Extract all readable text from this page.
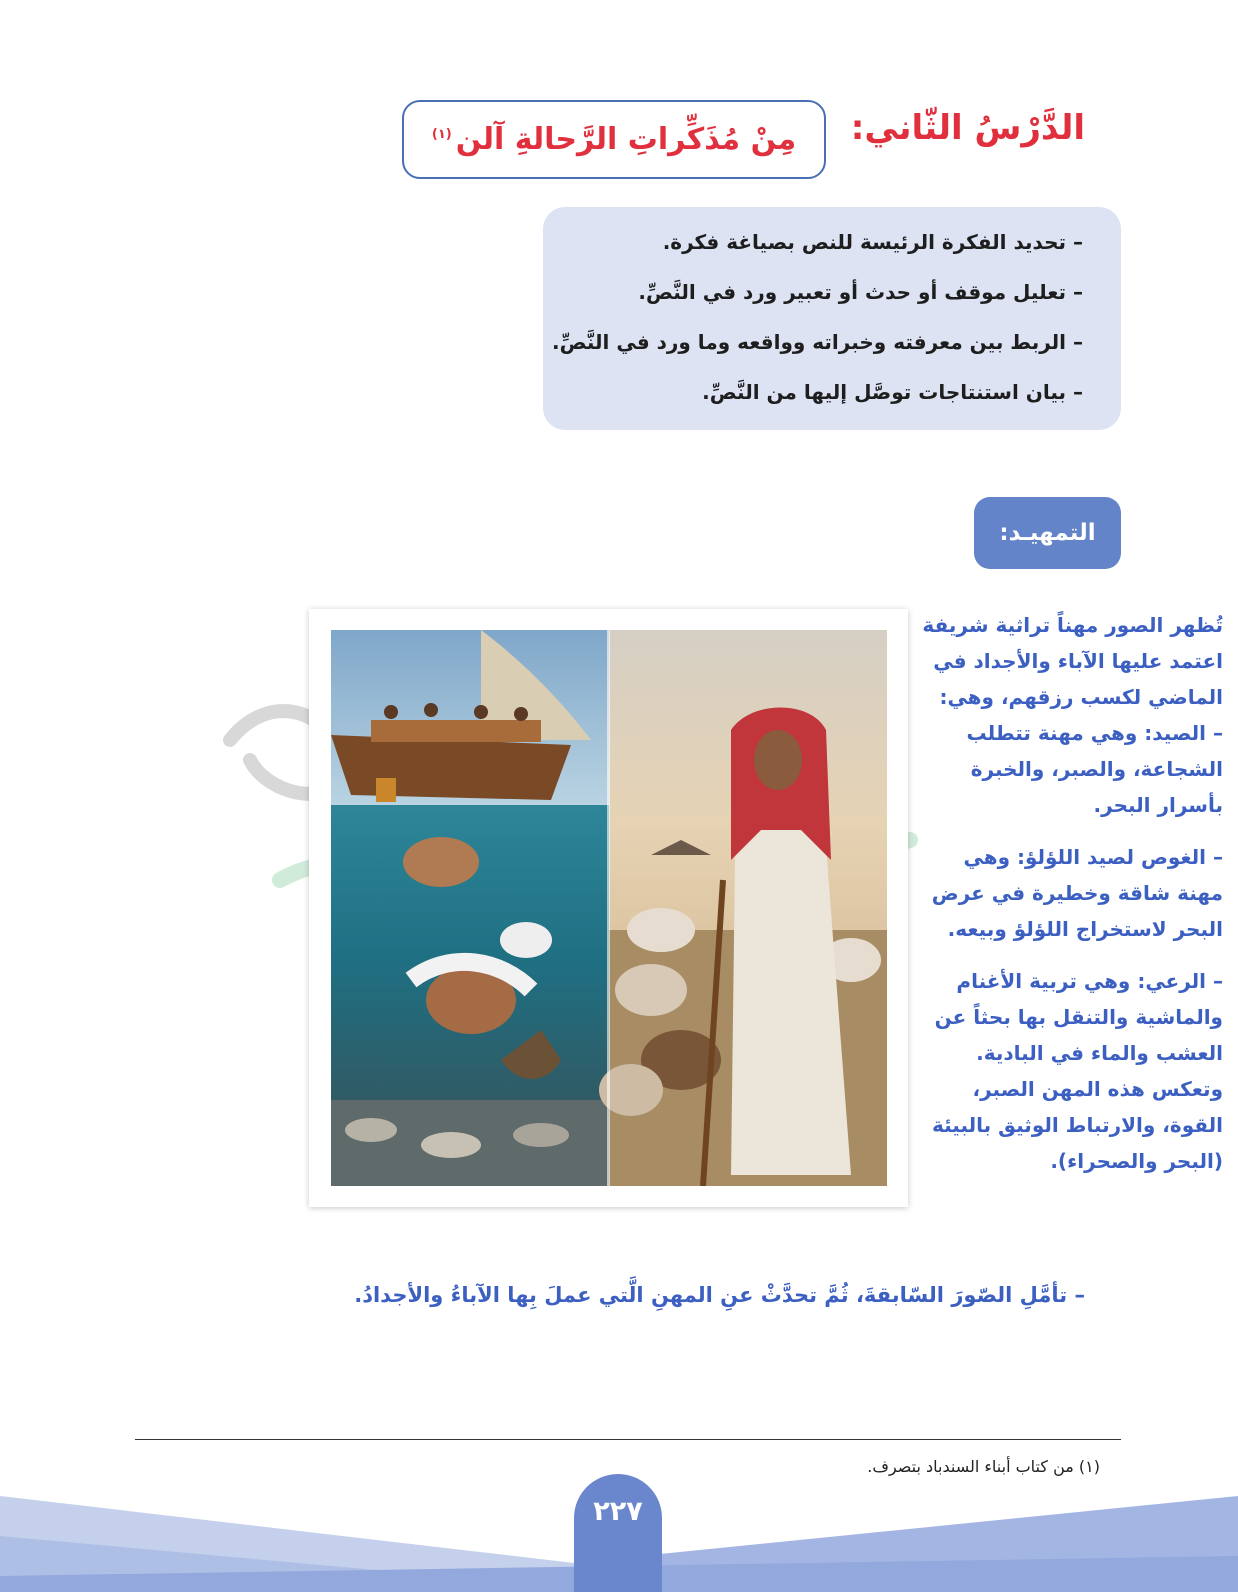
الدَّرْسُ الثّاني:
مِنْ مُذَكِّراتِ الرَّحالةِ آلن$^{(١)}$
– تحديد الفكرة الرئيسة للنص بصياغة فكرة.
– تعليل موقف أو حدث أو تعبير ورد في النَّصِّ.
– الربط بين معرفته وخبراته وواقعه وما ورد في النَّصِّ.
– بيان استنتاجات توصَّل إليها من النَّصِّ.
التمهيـد:
تُظهر الصور مهناً تراثية شريفة
اعتمد عليها الآباء والأجداد في
الماضي لكسب رزقهم، وهي:
– الصيد: وهي مهنة تتطلب
الشجاعة، والصبر، والخبرة
بأسرار البحر.
– الغوص لصيد اللؤلؤ: وهي
مهنة شاقة وخطيرة في عرض
البحر لاستخراج اللؤلؤ وبيعه.
– الرعي: وهي تربية الأغنام
والماشية والتنقل بها بحثاً عن
العشب والماء في البادية.
وتعكس هذه المهن الصبر،
القوة، والارتباط الوثيق بالبيئة
(البحر والصحراء).
– تأمَّلِ الصّورَ السّابقةَ، ثُمَّ تحدَّثْ عنِ المهنِ الَّتي عملَ بِها الآباءُ والأجدادُ.
(١) من كتاب أبناء السندباد بتصرف.
٢٢٧
